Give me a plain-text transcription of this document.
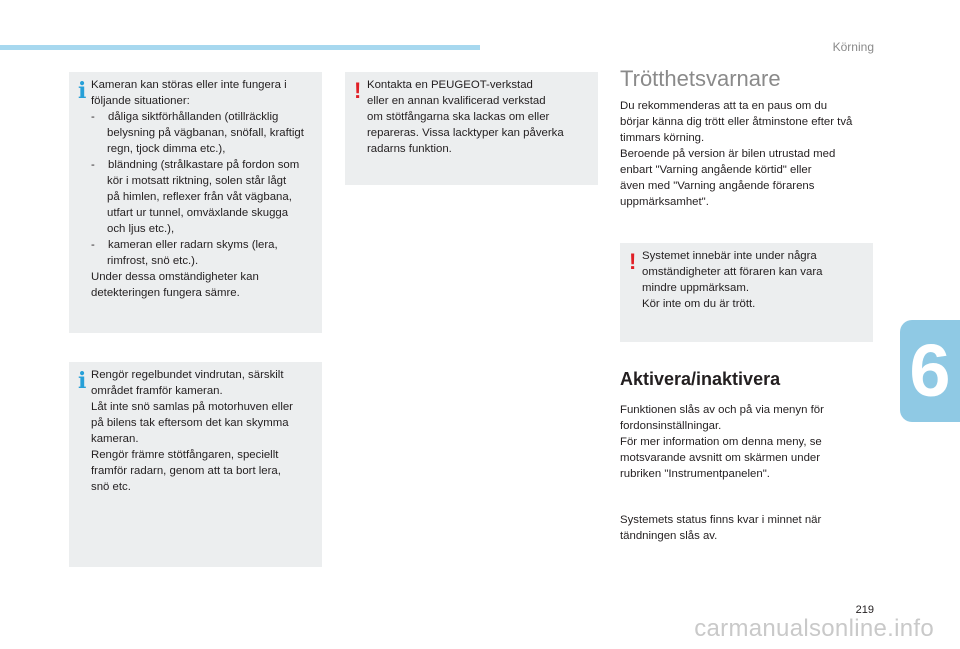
Körning
i Kameran kan störas eller inte fungera i
följande situationer:
- dåliga siktförhållanden (otillräcklig
belysning på vägbanan, snöfall, kraftigt
regn, tjock dimma etc.),
- bländning (strålkastare på fordon som
kör i motsatt riktning, solen står lågt
på himlen, reflexer från våt vägbana,
utfart ur tunnel, omväxlande skugga
och ljus etc.),
- kameran eller radarn skyms (lera,
rimfrost, snö etc.).
Under dessa omständigheter kan
detekteringen fungera sämre.
i Rengör regelbundet vindrutan, särskilt
området framför kameran.
Låt inte snö samlas på motorhuven eller
på bilens tak eftersom det kan skymma
kameran.
Rengör främre stötfångaren, speciellt
framför radarn, genom att ta bort lera,
snö etc.
! Kontakta en PEUGEOT-verkstad
eller en annan kvalificerad verkstad
om stötfångarna ska lackas om eller
repareras. Vissa lacktyper kan påverka
radarns funktion.
Trötthetsvarnare
Du rekommenderas att ta en paus om du
börjar känna dig trött eller åtminstone efter två
timmars körning.
Beroende på version är bilen utrustad med
enbart "Varning angående körtid" eller
även med "Varning angående förarens
uppmärksamhet".
! Systemet innebär inte under några
omständigheter att föraren kan vara
mindre uppmärksam.
Kör inte om du är trött.
Aktivera/inaktivera
Funktionen slås av och på via menyn för
fordonsinställningar.
För mer information om denna meny, se
motsvarande avsnitt om skärmen under
rubriken "Instrumentpanelen".
Systemets status finns kvar i minnet när
tändningen slås av.
6
219
carmanualsonline.info
